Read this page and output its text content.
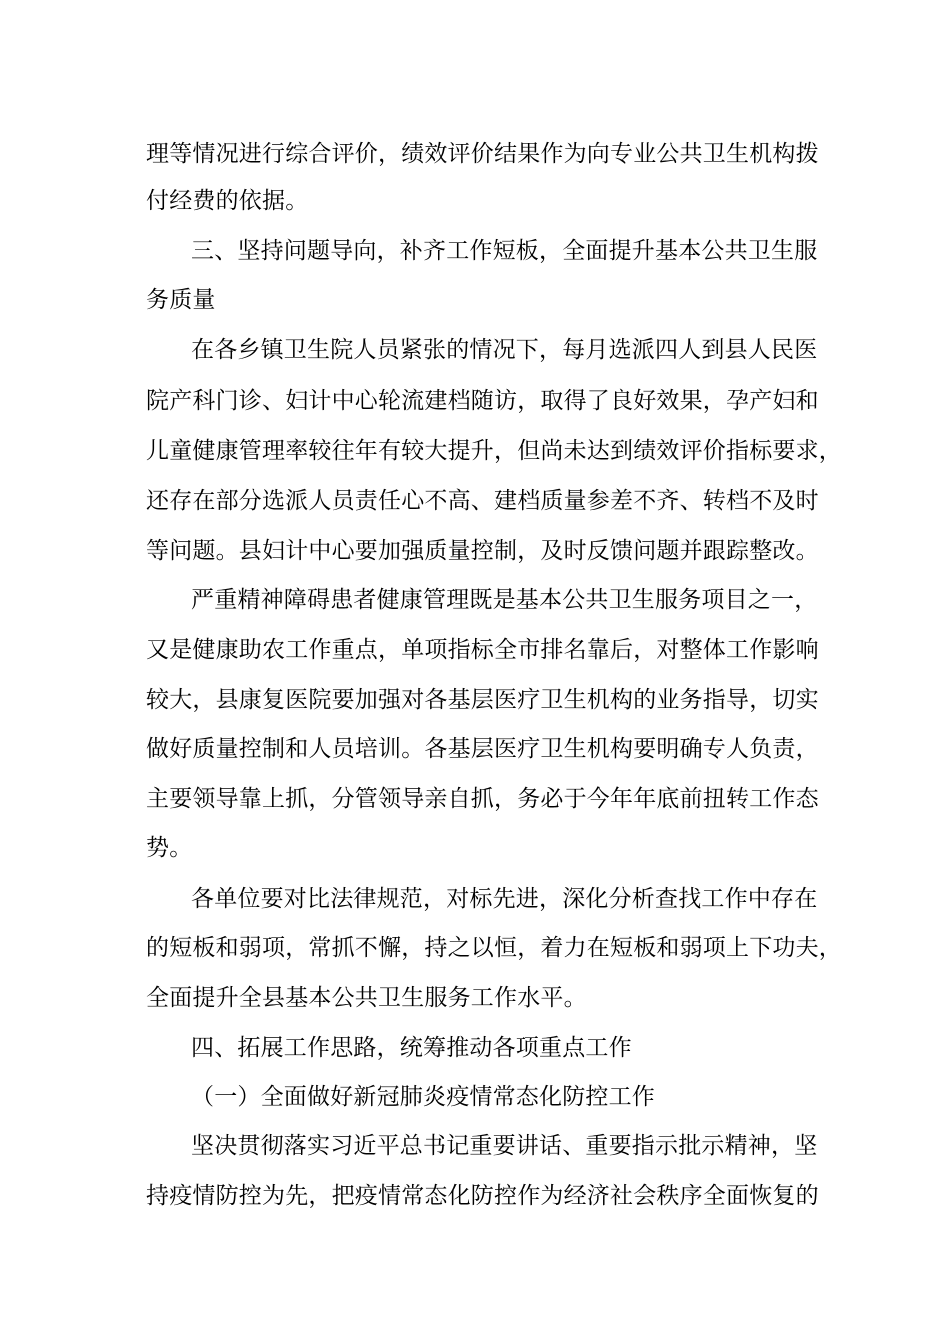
理等情况进行综合评价，绩效评价结果作为向专业公共卫生机构拨
付经费的依据。
三、坚持问题导向，补齐工作短板，全面提升基本公共卫生服
务质量
在各乡镇卫生院人员紧张的情况下，每月选派四人到县人民医
院产科门诊、妇计中心轮流建档随访，取得了良好效果，孕产妇和
儿童健康管理率较往年有较大提升，但尚未达到绩效评价指标要求，
还存在部分选派人员责任心不高、建档质量参差不齐、转档不及时
等问题。县妇计中心要加强质量控制，及时反馈问题并跟踪整改。
严重精神障碍患者健康管理既是基本公共卫生服务项目之一，
又是健康助农工作重点，单项指标全市排名靠后，对整体工作影响
较大，县康复医院要加强对各基层医疗卫生机构的业务指导，切实
做好质量控制和人员培训。各基层医疗卫生机构要明确专人负责，
主要领导靠上抓，分管领导亲自抓，务必于今年年底前扭转工作态
势。
各单位要对比法律规范，对标先进，深化分析查找工作中存在
的短板和弱项，常抓不懈，持之以恒，着力在短板和弱项上下功夫，
全面提升全县基本公共卫生服务工作水平。
四、拓展工作思路，统筹推动各项重点工作
（一）全面做好新冠肺炎疫情常态化防控工作
坚决贯彻落实习近平总书记重要讲话、重要指示批示精神，坚
持疫情防控为先，把疫情常态化防控作为经济社会秩序全面恢复的
